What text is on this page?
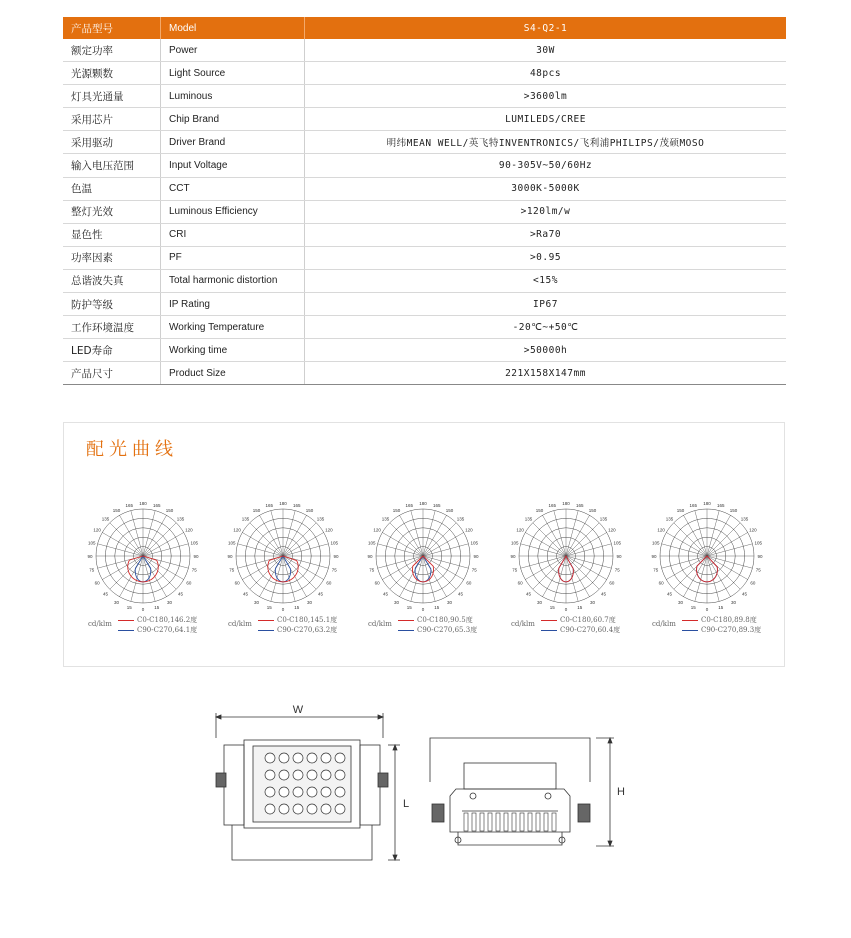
产品型号	Model	S4-Q2-1
额定功率	Power	30W
光源颗数	Light Source	48pcs
灯具光通量	Luminous	>3600lm
采用芯片	Chip Brand	LUMILEDS/CREE
采用驱动	Driver Brand	明纬MEAN WELL/英飞特INVENTRONICS/飞利浦PHILIPS/茂硕MOSO
输入电压范围	Input Voltage	90-305V~50/60Hz
色温	CCT	3000K-5000K
整灯光效	Luminous Efficiency	>120lm/w
显色性	CRI	>Ra70
功率因素	PF	>0.95
总谐波失真	Total harmonic distortion	<15%
防护等级	IP Rating	IP67
工作环境温度	Working Temperature	-20℃~+50℃
LED寿命	Working time	>50000h
产品尺寸	Product Size	221X158X147mm
配光曲线
180 165
165
150
150
135
135
120
120
105
105
90
90
75
75
60
60
45
45
30
30
15
15 0
cd/klm	C0-C180,146.2度
C90-C270,64.1度
180 165
165
150
150
135
135
120
120
105
105
90
90
75
75
60
60
45
45
30
30
15
15 0
cd/klm	C0-C180,145.1度
C90-C270,63.2度
180 165
165
150
150
135
135
120
120
105
105
90
90
75
75
60
60
45
45
30
30
15
15 0
cd/klm	C0-C180,90.5度
C90-C270,65.3度
180 165
165
150
150
135
135
120
120
105
105
90
90
75
75
60
60
45
45
30
30
15
15 0
cd/klm	C0-C180,60.7度
C90-C270,60.4度
180 165
165
150
150
135
135
120
120
105
105
90
90
75
75
60
60
45
45
30
30
15
15 0
cd/klm	C0-C180,89.8度
C90-C270,89.3度
W
L
H
